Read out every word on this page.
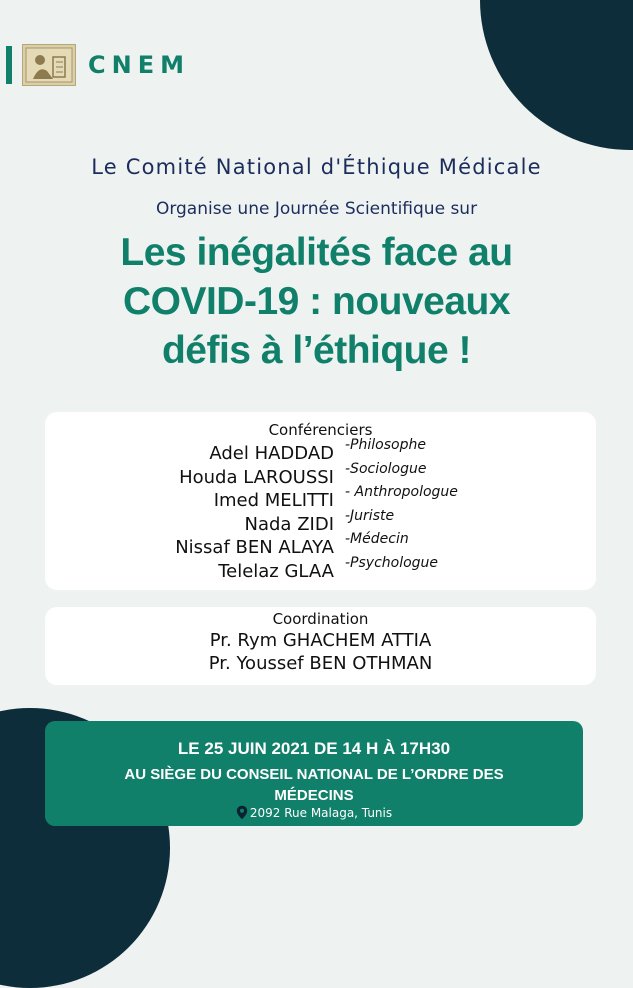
CNEM
Le Comité National d'Éthique Médicale
Organise une Journée Scientifique sur
Les inégalités face au
COVID-19 : nouveaux
défis à l’éthique !
Conférenciers
Adel HADDAD -Philosophe
Houda LAROUSSI -Sociologue
Imed MELITTI - Anthropologue
Nada ZIDI -Juriste
Nissaf BEN ALAYA -Médecin
Telelaz GLAA -Psychologue
Coordination
Pr. Rym GHACHEM ATTIA
Pr. Youssef BEN OTHMAN
LE 25 JUIN 2021 DE 14 H À 17H30
AU SIÈGE DU CONSEIL NATIONAL DE L’ORDRE DES MÉDECINS
2092 Rue Malaga, Tunis
